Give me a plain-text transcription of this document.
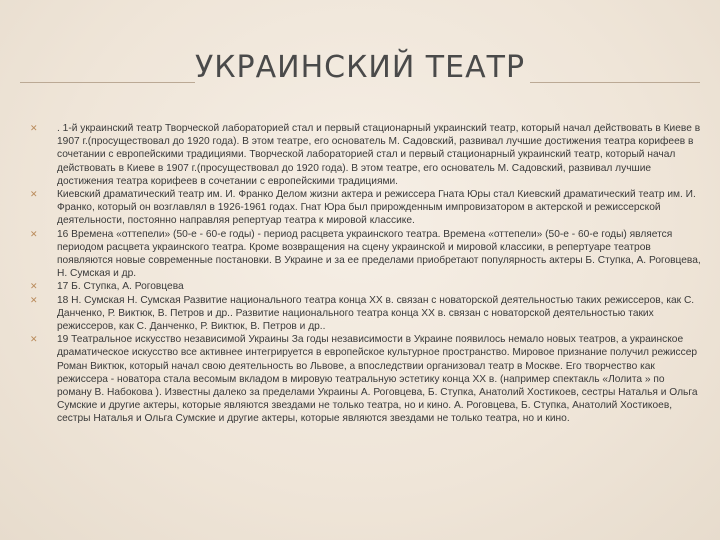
УКРАИНСКИЙ ТЕАТР

✕ . 1-й украинский театр Творческой лабораторией стал и первый стационарный украинский театр, который начал действовать в Киеве в 1907 г.(просуществовал до 1920 года). В этом театре, его основатель М. Садовский, развивал лучшие достижения театра корифеев в сочетании с европейскими традициями. Творческой лабораторией стал и первый стационарный украинский театр, который начал действовать в Киеве в 1907 г.(просуществовал до 1920 года). В этом театре, его основатель М. Садовский, развивал лучшие достижения театра корифеев в сочетании с европейскими традициями.

✕ Киевский драматический театр им. И. Франко Делом жизни актера и режиссера Гната Юры стал Киевский драматический театр им. И. Франко, который он возглавлял в 1926-1961 годах. Гнат Юра был прирожденным импровизатором в актерской и режиссерской деятельности, постоянно направляя репертуар театра к мировой классике.

✕ 16 Времена «оттепели» (50-е - 60-е годы) - период расцвета украинского театра. Времена «оттепели» (50-е - 60-е годы) является периодом расцвета украинского театра. Кроме возвращения на сцену украинской и мировой классики, в репертуаре театров появляются новые современные постановки. В Украине и за ее пределами приобретают популярность актеры Б. Ступка, А. Роговцева, Н. Сумская и др.

✕ 17 Б. Ступка, А. Роговцева

✕ 18 Н. Сумская Н. Сумская Развитие национального театра конца XX в. связан с новаторской деятельностью таких режиссеров, как С. Данченко, Р. Виктюк, В. Петров и др.. Развитие национального театра конца XX в. связан с новаторской деятельностью таких режиссеров, как С. Данченко, Р. Виктюк, В. Петров и др..

✕ 19 Театральное искусство независимой Украины За годы независимости в Украине появилось немало новых театров, а украинское драматическое искусство все активнее интегрируется в европейское культурное пространство. Мировое признание получил режиссер Роман Виктюк, который начал свою деятельность во Львове, а впоследствии организовал театр в Москве. Его творчество как режиссера - новатора стала весомым вкладом в мировую театральную эстетику конца XX в. (например спектакль «Лолита » по роману В. Набокова ). Известны далеко за пределами Украины А. Роговцева, Б. Ступка, Анатолий Хостикоев, сестры Наталья и Ольга Сумские и другие актеры, которые являются звездами не только театра, но и кино. А. Роговцева, Б. Ступка, Анатолий Хостикоев, сестры Наталья и Ольга Сумские и другие актеры, которые являются звездами не только театра, но и кино.
